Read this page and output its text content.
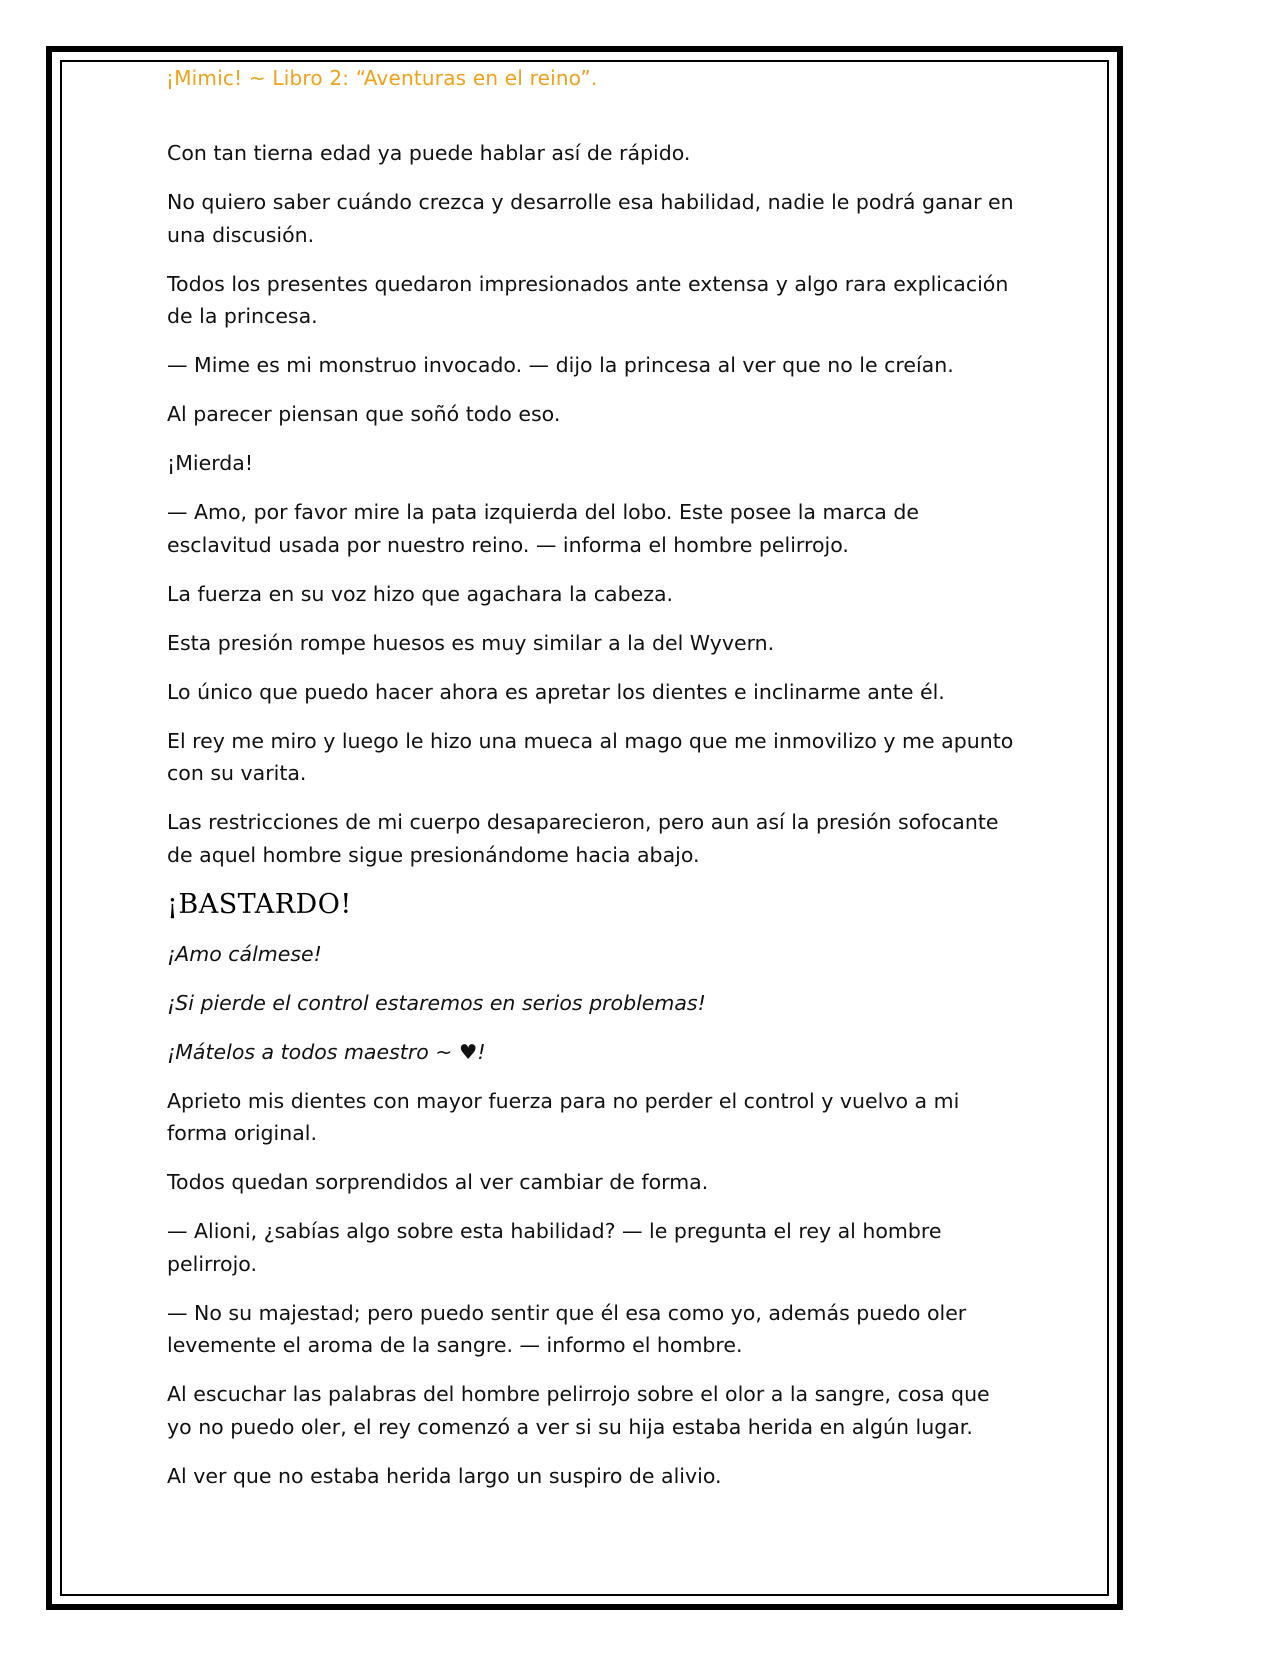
¡Mimic! ~ Libro 2: “Aventuras en el reino”.

Con tan tierna edad ya puede hablar así de rápido.

No quiero saber cuándo crezca y desarrolle esa habilidad, nadie le podrá ganar en una discusión.

Todos los presentes quedaron impresionados ante extensa y algo rara explicación de la princesa.

— Mime es mi monstruo invocado. — dijo la princesa al ver que no le creían.

Al parecer piensan que soñó todo eso.

¡Mierda!

— Amo, por favor mire la pata izquierda del lobo. Este posee la marca de esclavitud usada por nuestro reino. — informa el hombre pelirrojo.

La fuerza en su voz hizo que agachara la cabeza.

Esta presión rompe huesos es muy similar a la del Wyvern.

Lo único que puedo hacer ahora es apretar los dientes e inclinarme ante él.

El rey me miro y luego le hizo una mueca al mago que me inmovilizo y me apunto con su varita.

Las restricciones de mi cuerpo desaparecieron, pero aun así la presión sofocante de aquel hombre sigue presionándome hacia abajo.

¡BASTARDO!

¡Amo cálmese!

¡Si pierde el control estaremos en serios problemas!

¡Mátelos a todos maestro ~ ♥!

Aprieto mis dientes con mayor fuerza para no perder el control y vuelvo a mi forma original.

Todos quedan sorprendidos al ver cambiar de forma.

— Alioni, ¿sabías algo sobre esta habilidad? — le pregunta el rey al hombre pelirrojo.

— No su majestad; pero puedo sentir que él esa como yo, además puedo oler levemente el aroma de la sangre. — informo el hombre.

Al escuchar las palabras del hombre pelirrojo sobre el olor a la sangre, cosa que yo no puedo oler, el rey comenzó a ver si su hija estaba herida en algún lugar.

Al ver que no estaba herida largo un suspiro de alivio.
